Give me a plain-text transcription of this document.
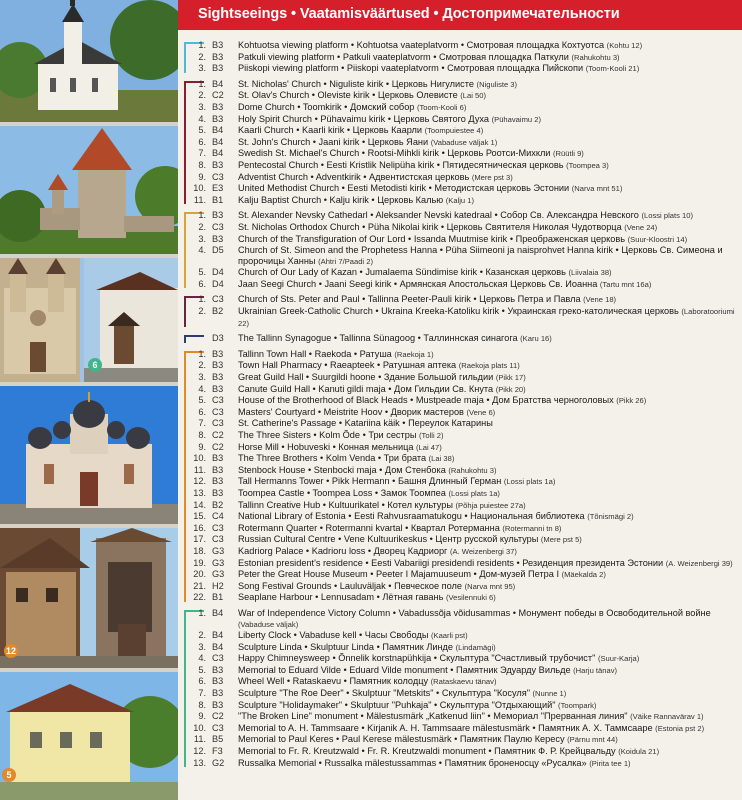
6
12
5
Sightseeings • Vaatamisväärtused • Достопримечательности
1. B3	Kohtuotsa viewing platform • Kohtuotsa vaateplatvorm • Смотровая площадка Кохтуотса (Kohtu 12)
2. B3	Patkuli viewing platform • Patkuli vaateplatvorm • Смотровая площадка Паткули (Rahukohtu 3)
3. B3	Piiskopi viewing platform • Piiskopi vaateplatvorm • Смотровая площадка Пийскопи (Toom-Kooli 21)
1. B4	St. Nicholas' Church • Niguliste kirik • Церковь Нигулисте (Niguliste 3)
2. C2	St. Olav's Church • Oleviste kirik • Церковь Олевисте (Lai 50)
3. B3	Dome Church • Toomkirik • Домский собор (Toom-Kooli 6)
4. B3	Holy Spirit Church • Pühavaimu kirik • Церковь Святого Духа (Pühavaimu 2)
5. B4	Kaarli Church • Kaarli kirik • Церковь Каарли (Toompuiestee 4)
6. B4	St. John's Church • Jaani kirik • Церковь Яани (Vabaduse väljak 1)
7. B4	Swedish St. Michael's Church • Rootsi-Mihkli kirik • Церковь Роотси-Михкли (Rüütli 9)
8. B3	Pentecostal Church • Eesti Kristlik Nelipüha kirik • Пятидесятническая церковь (Toompea 3)
9. C3	Adventist Church • Adventkirik • Адвентистская церковь (Mere pst 3)
10. E3	United Methodist Church • Eesti Metodisti kirik • Методистская церковь Эстонии (Narva mnt 51)
11. B1	Kalju Baptist Church • Kalju kirik • Церковь Калью (Kalju 1)
1. B3	St. Alexander Nevsky Cathedarl • Aleksander Nevski katedraal • Собор Св. Александра Невского (Lossi plats 10)
2. C3	St. Nicholas Orthodox Church • Püha Nikolai kirik • Церковь Святителя Николая Чудотворца (Vene 24)
3. B3	Church of the Transfiguration of Our Lord • Issanda Muutmise kirik • Преображенская церковь (Suur-Kloostri 14)
4. D5	Church of St. Simeon and the Prophetess Hanna • Püha Siimeoni ja naisprohvet Hanna kirik • Церковь Св. Симеона и пророчицы Ханны (Ahtri 7/Paadi 2)
5. D4	Church of Our Lady of Kazan • Jumalaema Sündimise kirik • Казанская церковь (Liivalaia 38)
6. D4	Jaan Seegi Church • Jaani Seegi kirik • Армянская Апостольская Церковь Св. Иоанна (Tartu mnt 16a)
1. C3	Church of Sts. Peter and Paul • Tallinna Peeter-Pauli kirik • Церковь Петра и Павла (Vene 18)
2. B2	Ukrainian Greek-Catholic Church • Ukraina Kreeka-Katoliku kirik • Украинская греко-католическая церковь (Laboratooriumi 22)
D3	The Tallinn Synagogue • Tallinna Sünagoog • Таллиннская синагога (Karu 16)
1. B3	Tallinn Town Hall • Raekoda • Ратуша (Raekoja 1)
2. B3	Town Hall Pharmacy • Raeapteek • Ратушная аптека (Raekoja plats 11)
3. B3	Great Guild Hall • Suurgildi hoone • Здание Большой гильдии (Pikk 17)
4. B3	Canute Guild Hall • Kanuti gildi maja • Дом Гильдии Св. Кнута (Pikk 20)
5. C3	House of the Brotherhood of Black Heads • Mustpeade maja • Дом Братства черноголовых (Pikk 26)
6. C3	Masters' Courtyard • Meistrite Hoov • Дворик мастеров (Vene 6)
7. C3	St. Catherine's Passage • Katariina käik • Переулок Катарины
8. C2	The Three Sisters • Kolm Õde • Три сестры (Tolli 2)
9. C2	Horse Mill • Hobuveski • Конная мельница (Lai 47)
10. B3	The Three Brothers • Kolm Venda • Три брата (Lai 38)
11. B3	Stenbock House • Stenbocki maja • Дом Стенбока (Rahukohtu 3)
12. B3	Tall Hermanns Tower • Pikk Hermann • Башня Длинный Герман (Lossi plats 1a)
13. B3	Toompea Castle • Toompea Loss • Замок Тоомпеа (Lossi plats 1a)
14. B2	Tallinn Creative Hub • Kultuurikatel • Котел культуры (Põhja puiestee 27a)
15. C4	National Library of Estonia • Eesti Rahvusraamatukogu • Национальная библиотека (Tõnismägi 2)
16. C3	Rotermann Quarter • Rotermanni kvartal • Квартал Ротерманна (Rotermanni tn 8)
17. C3	Russian Cultural Centre • Vene Kultuurikeskus • Центр русской культуры (Mere pst 5)
18. G3	Kadriorg Palace • Kadrioru loss • Дворец Кадриорг (A. Weizenbergi 37)
19. G3	Estonian president's residence • Eesti Vabariigi presidendi residents • Резиденция президента Эстонии (A. Weizenbergi 39)
20. G3	Peter the Great House Museum • Peeter I Majamuuseum • Дом-музей Петра I (Mäekalda 2)
21. H2	Song Festival Grounds • Lauluväljak • Певческое поле (Narva mnt 95)
22. B1	Seaplane Harbour • Lennusadam • Лётная гавань (Vesilennuki 6)
1. B4	War of Independence Victory Column • Vabadussõja võidusammas • Монумент победы в Освободительной войне (Vabaduse väljak)
2. B4	Liberty Clock • Vabaduse kell • Часы Свободы (Kaarli pst)
3. B4	Sculpture Linda • Skulptuur Linda • Памятник Линде (Lindamägi)
4. C3	Happy Chimneysweep • Õnnelik korstnapühkija • Скульптура "Счастливый трубочист" (Suur-Karja)
5. B3	Memorial to Eduard Vilde • Eduard Vilde monument • Памятник Эдуарду Вильде (Harju tänav)
6. B3	Wheel Well • Rataskaevu • Памятник колодцу (Rataskaevu tänav)
7. B3	Sculpture "The Roe Deer" • Skulptuur "Metskits" • Скульптура "Косуля" (Nunne 1)
8. B3	Sculpture "Holidaymaker" • Skulptuur "Puhkaja" • Скульптура "Отдыхающий" (Toompark)
9. C2	"The Broken Line" monument • Mälestusmärk „Katkenud liin" • Мемориал "Прерванная линия" (Väike Rannavärav 1)
10. C3	Memorial to A. H. Tammsaare • Kirjanik A. H. Tammsaare mälestusmärk • Памятник А. Х. Таммсааре (Estonia pst 2)
11. B5	Memorial to Paul Keres • Paul Kerese mälestusmärk • Памятник Паулю Кересу (Pärnu mnt 44)
12. F3	Memorial to Fr. R. Kreutzwald • Fr. R. Kreutzwaldi monument • Памятник Ф. Р. Крейцвальду (Koidula 21)
13. G2	Russalka Memorial • Russalka mälestussammas • Памятник броненосцу «Русалка» (Pirita tee 1)
